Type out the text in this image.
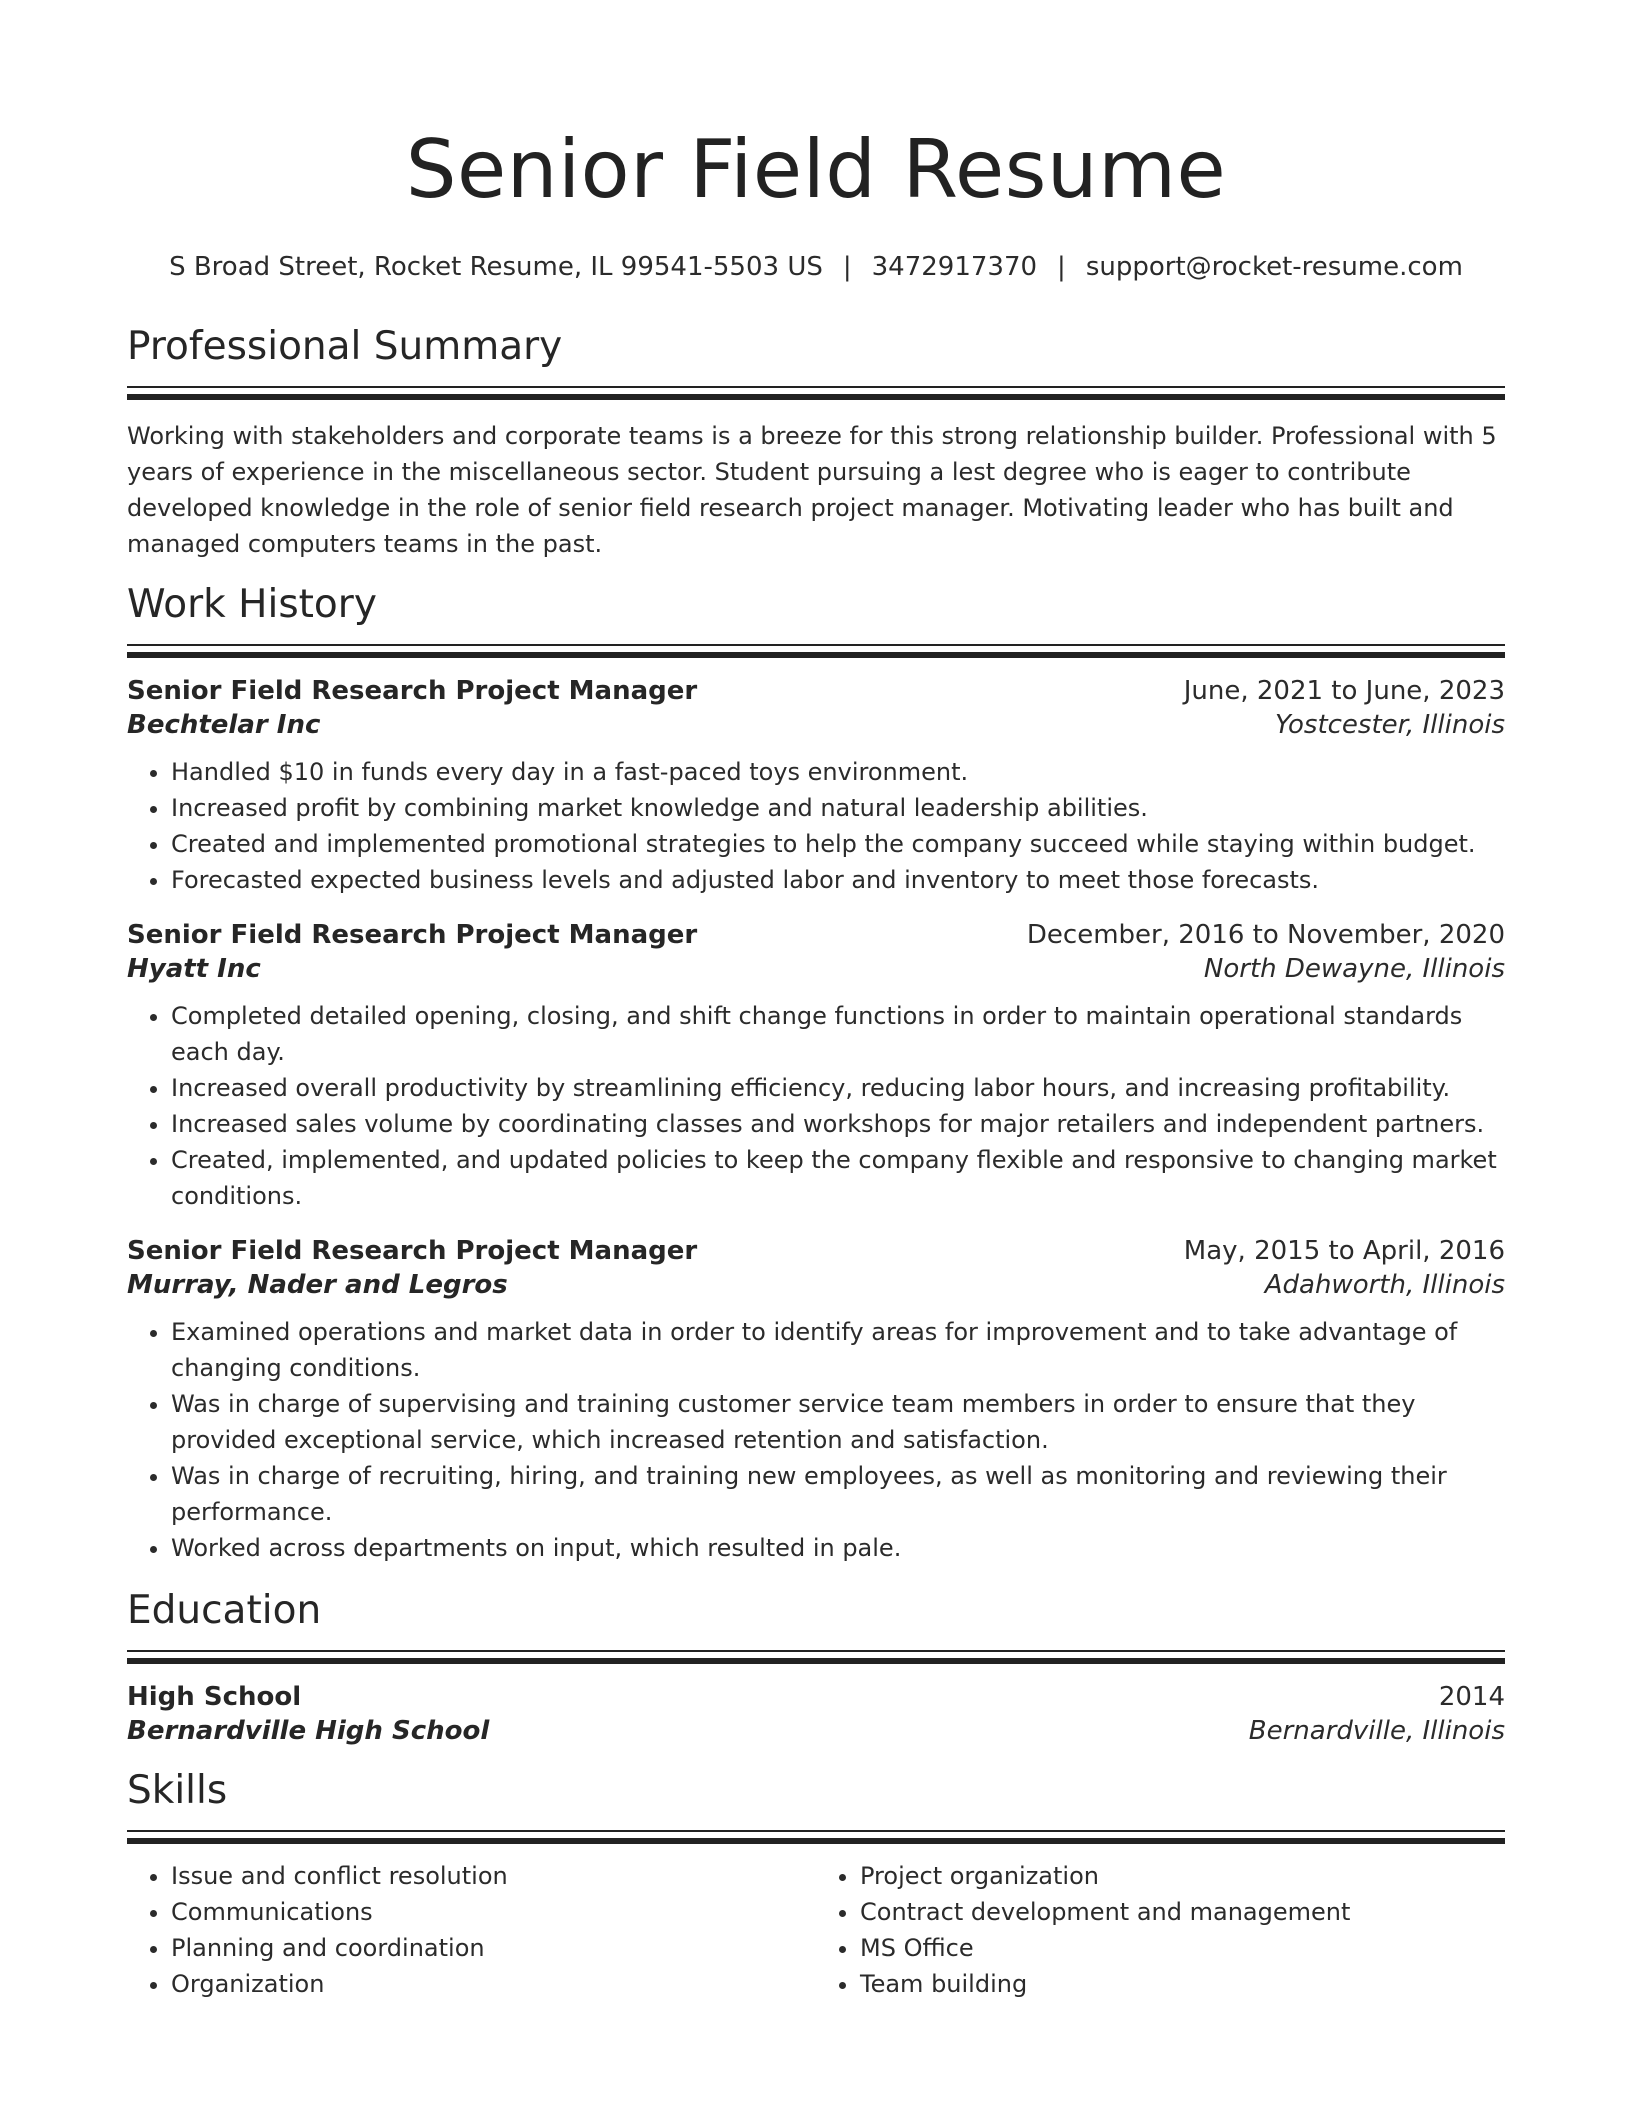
Senior Field Resume
S Broad Street, Rocket Resume, IL 99541-5503 US | 3472917370 | support@rocket-resume.com
Professional Summary
Working with stakeholders and corporate teams is a breeze for this strong relationship builder. Professional with 5 years of experience in the miscellaneous sector. Student pursuing a lest degree who is eager to contribute developed knowledge in the role of senior field research project manager. Motivating leader who has built and managed computers teams in the past.
Work History
Senior Field Research Project Manager	June, 2021 to June, 2023
Bechtelar Inc	Yostcester, Illinois
• Handled $10 in funds every day in a fast-paced toys environment.
• Increased profit by combining market knowledge and natural leadership abilities.
• Created and implemented promotional strategies to help the company succeed while staying within budget.
• Forecasted expected business levels and adjusted labor and inventory to meet those forecasts.
Senior Field Research Project Manager	December, 2016 to November, 2020
Hyatt Inc	North Dewayne, Illinois
• Completed detailed opening, closing, and shift change functions in order to maintain operational standards each day.
• Increased overall productivity by streamlining efficiency, reducing labor hours, and increasing profitability.
• Increased sales volume by coordinating classes and workshops for major retailers and independent partners.
• Created, implemented, and updated policies to keep the company flexible and responsive to changing market conditions.
Senior Field Research Project Manager	May, 2015 to April, 2016
Murray, Nader and Legros	Adahworth, Illinois
• Examined operations and market data in order to identify areas for improvement and to take advantage of changing conditions.
• Was in charge of supervising and training customer service team members in order to ensure that they provided exceptional service, which increased retention and satisfaction.
• Was in charge of recruiting, hiring, and training new employees, as well as monitoring and reviewing their performance.
• Worked across departments on input, which resulted in pale.
Education
High School	2014
Bernardville High School	Bernardville, Illinois
Skills
• Issue and conflict resolution
• Communications
• Planning and coordination
• Organization
• Project organization
• Contract development and management
• MS Office
• Team building
